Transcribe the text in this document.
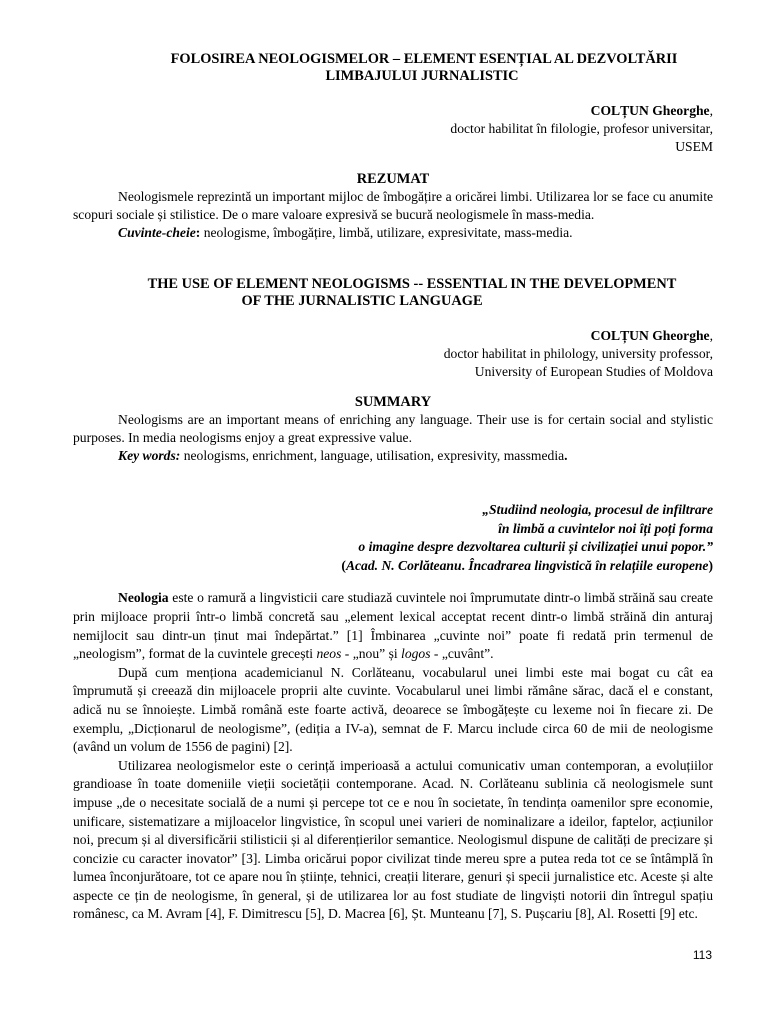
FOLOSIREA NEOLOGISMELOR – ELEMENT ESENȚIAL AL DEZVOLTĂRII
LIMBAJULUI JURNALISTIC
COLȚUN Gheorghe,
doctor habilitat în filologie, profesor universitar,
USEM
REZUMAT

Neologismele reprezintă un important mijloc de îmbogățire a oricărei limbi. Utilizarea lor se face cu anumite scopuri sociale și stilistice. De o mare valoare expresivă se bucură neologismele în mass-media.

Cuvinte-cheie: neologisme, îmbogățire, limbă, utilizare, expresivitate, mass-media.

THE USE OF ELEMENT NEOLOGISMS -- ESSENTIAL IN THE DEVELOPMENT
OF THE JURNALISTIC LANGUAGE
COLȚUN Gheorghe,
doctor habilitat in philology, university professor,
University of European Studies of Moldova
SUMMARY

Neologisms are an important means of enriching any language. Their use is for certain social and stylistic purposes. In media neologisms enjoy a great expressive value.

Key words: neologisms, enrichment, language, utilisation, expresivity, massmedia.

„Studiind neologia, procesul de infiltrare
în limbă a cuvintelor noi îți poți forma
o imagine despre dezvoltarea culturii și civilizației unui popor.”
(Acad. N. Corlăteanu. Încadrarea lingvistică în relațiile europene)

Neologia este o ramură a lingvisticii care studiază cuvintele noi împrumutate dintr-o limbă străină sau create prin mijloace proprii într-o limbă concretă sau „element lexical acceptat recent dintr-o limbă străină din anturaj nemijlocit sau dintr-un ținut mai îndepărtat.” [1] Îmbinarea „cuvinte noi” poate fi redată prin termenul de „neologism”, format de la cuvintele grecești neos - „nou” și logos - „cuvânt”.

După cum menționa academicianul N. Corlăteanu, vocabularul unei limbi este mai bogat cu cât ea împrumută și creează din mijloacele proprii alte cuvinte. Vocabularul unei limbi rămâne sărac, dacă el e constant, adică nu se înnoiește. Limbă română este foarte activă, deoarece se îmbogățește cu lexeme noi în fiecare zi. De exemplu, „Dicționarul de neologisme”, (ediția a IV-a), semnat de F. Marcu include circa 60 de mii de neologisme (având un volum de 1556 de pagini) [2].

Utilizarea neologismelor este o cerință imperioasă a actului comunicativ uman contemporan, a evoluțiilor grandioase în toate domeniile vieții societății contemporane. Acad. N. Corlăteanu sublinia că neologismele sunt impuse „de o necesitate socială de a numi și percepe tot ce e nou în societate, în tendința oamenilor spre economie, unificare, sistematizare a mijloacelor lingvistice, în scopul unei varieri de nominalizare a ideilor, faptelor, acțiunilor noi, precum și al diversificării stilisticii și al diferențierilor semantice. Neologismul dispune de calități de precizare și concizie cu caracter inovator” [3]. Limba oricărui popor civilizat tinde mereu spre a putea reda tot ce se întâmplă în lumea înconjurătoare, tot ce apare nou în științe, tehnici, creații literare, genuri și specii jurnalistice etc. Aceste și alte aspecte ce țin de neologisme, în general, și de utilizarea lor au fost studiate de lingviști notorii din întregul spațiu românesc, ca M. Avram [4], F. Dimitrescu [5], D. Macrea [6], Șt. Munteanu [7], S. Pușcariu [8], Al. Rosetti [9] etc.

113
